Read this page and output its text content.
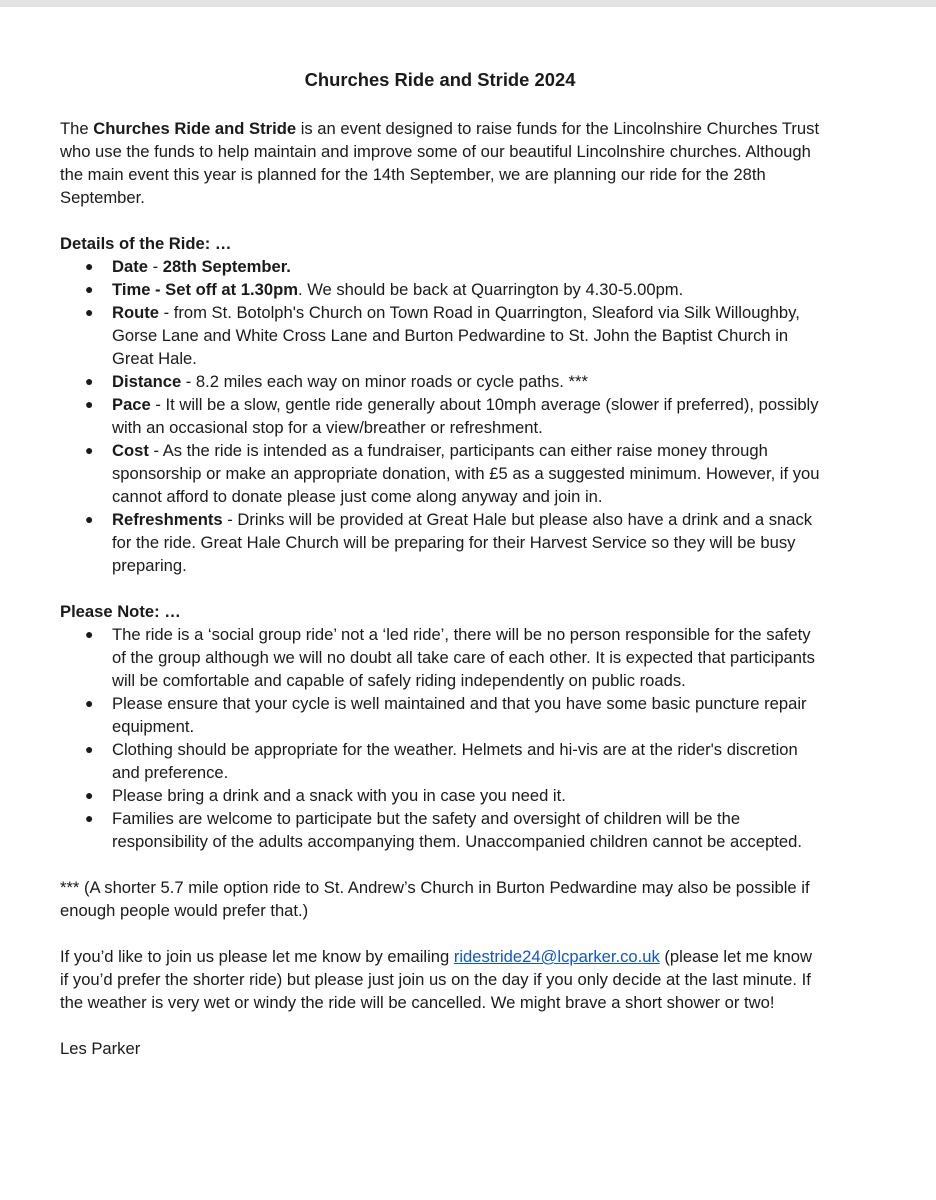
Churches Ride and Stride 2024

The Churches Ride and Stride is an event designed to raise funds for the Lincolnshire Churches Trust who use the funds to help maintain and improve some of our beautiful Lincolnshire churches. Although the main event this year is planned for the 14th September, we are planning our ride for the 28th September.

Details of the Ride: …

● Date - 28th September.
● Time - Set off at 1.30pm. We should be back at Quarrington by 4.30-5.00pm.
● Route - from St. Botolph's Church on Town Road in Quarrington, Sleaford via Silk Willoughby, Gorse Lane and White Cross Lane and Burton Pedwardine to St. John the Baptist Church in Great Hale.
● Distance - 8.2 miles each way on minor roads or cycle paths. ***
● Pace - It will be a slow, gentle ride generally about 10mph average (slower if preferred), possibly with an occasional stop for a view/breather or refreshment.
● Cost - As the ride is intended as a fundraiser, participants can either raise money through sponsorship or make an appropriate donation, with £5 as a suggested minimum. However, if you cannot afford to donate please just come along anyway and join in.
● Refreshments - Drinks will be provided at Great Hale but please also have a drink and a snack for the ride. Great Hale Church will be preparing for their Harvest Service so they will be busy preparing.

Please Note: …

● The ride is a ‘social group ride’ not a ‘led ride’, there will be no person responsible for the safety of the group although we will no doubt all take care of each other. It is expected that participants will be comfortable and capable of safely riding independently on public roads.
● Please ensure that your cycle is well maintained and that you have some basic puncture repair equipment.
● Clothing should be appropriate for the weather. Helmets and hi-vis are at the rider's discretion and preference.
● Please bring a drink and a snack with you in case you need it.
● Families are welcome to participate but the safety and oversight of children will be the responsibility of the adults accompanying them. Unaccompanied children cannot be accepted.

*** (A shorter 5.7 mile option ride to St. Andrew’s Church in Burton Pedwardine may also be possible if enough people would prefer that.)

If you’d like to join us please let me know by emailing ridestride24@lcparker.co.uk (please let me know if you’d prefer the shorter ride) but please just join us on the day if you only decide at the last minute. If the weather is very wet or windy the ride will be cancelled. We might brave a short shower or two!

Les Parker
